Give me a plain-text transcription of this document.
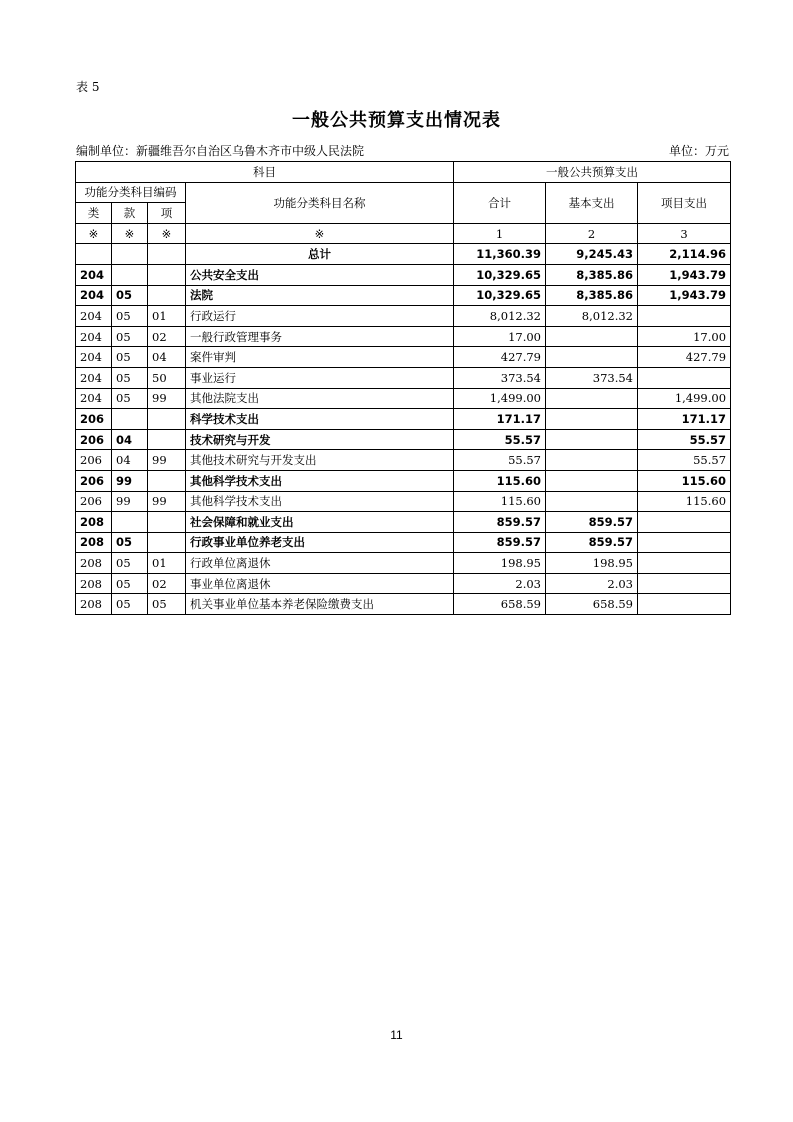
表 5
一般公共预算支出情况表
编制单位：新疆维吾尔自治区乌鲁木齐市中级人民法院	单位：万元
科目				一般公共预算支出		
功能分类科目编码			功能分类科目名称	合计	基本支出	项目支出
类	款	项				
※	※	※	※	1	2	3
			总计	11,360.39	9,245.43	2,114.96
204			公共安全支出	10,329.65	8,385.86	1,943.79
204	05		法院	10,329.65	8,385.86	1,943.79
204	05	01	行政运行	8,012.32	8,012.32	
204	05	02	一般行政管理事务	17.00		17.00
204	05	04	案件审判	427.79		427.79
204	05	50	事业运行	373.54	373.54	
204	05	99	其他法院支出	1,499.00		1,499.00
206			科学技术支出	171.17		171.17
206	04		技术研究与开发	55.57		55.57
206	04	99	其他技术研究与开发支出	55.57		55.57
206	99		其他科学技术支出	115.60		115.60
206	99	99	其他科学技术支出	115.60		115.60
208			社会保障和就业支出	859.57	859.57	
208	05		行政事业单位养老支出	859.57	859.57	
208	05	01	行政单位离退休	198.95	198.95	
208	05	02	事业单位离退休	2.03	2.03	
208	05	05	机关事业单位基本养老保险缴费支出	658.59	658.59	
11
